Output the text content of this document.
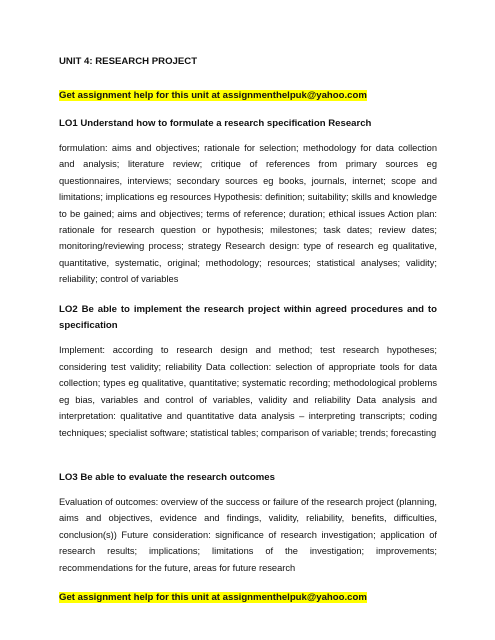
UNIT 4: RESEARCH PROJECT

Get assignment help for this unit at assignmenthelpuk@yahoo.com

LO1 Understand how to formulate a research specification Research

formulation: aims and objectives; rationale for selection; methodology for data collection and analysis; literature review; critique of references from primary sources eg questionnaires, interviews; secondary sources eg books, journals, internet; scope and limitations; implications eg resources Hypothesis: definition; suitability; skills and knowledge to be gained; aims and objectives; terms of reference; duration; ethical issues Action plan: rationale for research question or hypothesis; milestones; task dates; review dates; monitoring/reviewing process; strategy Research design: type of research eg qualitative, quantitative, systematic, original; methodology; resources; statistical analyses; validity; reliability; control of variables

LO2 Be able to implement the research project within agreed procedures and to specification

Implement: according to research design and method; test research hypotheses; considering test validity; reliability Data collection: selection of appropriate tools for data collection; types eg qualitative, quantitative; systematic recording; methodological problems eg bias, variables and control of variables, validity and reliability Data analysis and interpretation: qualitative and quantitative data analysis – interpreting transcripts; coding techniques; specialist software; statistical tables; comparison of variable; trends; forecasting

LO3 Be able to evaluate the research outcomes

Evaluation of outcomes: overview of the success or failure of the research project (planning, aims and objectives, evidence and findings, validity, reliability, benefits, difficulties, conclusion(s)) Future consideration: significance of research investigation; application of research results; implications; limitations of the investigation; improvements; recommendations for the future, areas for future research

Get assignment help for this unit at assignmenthelpuk@yahoo.com
